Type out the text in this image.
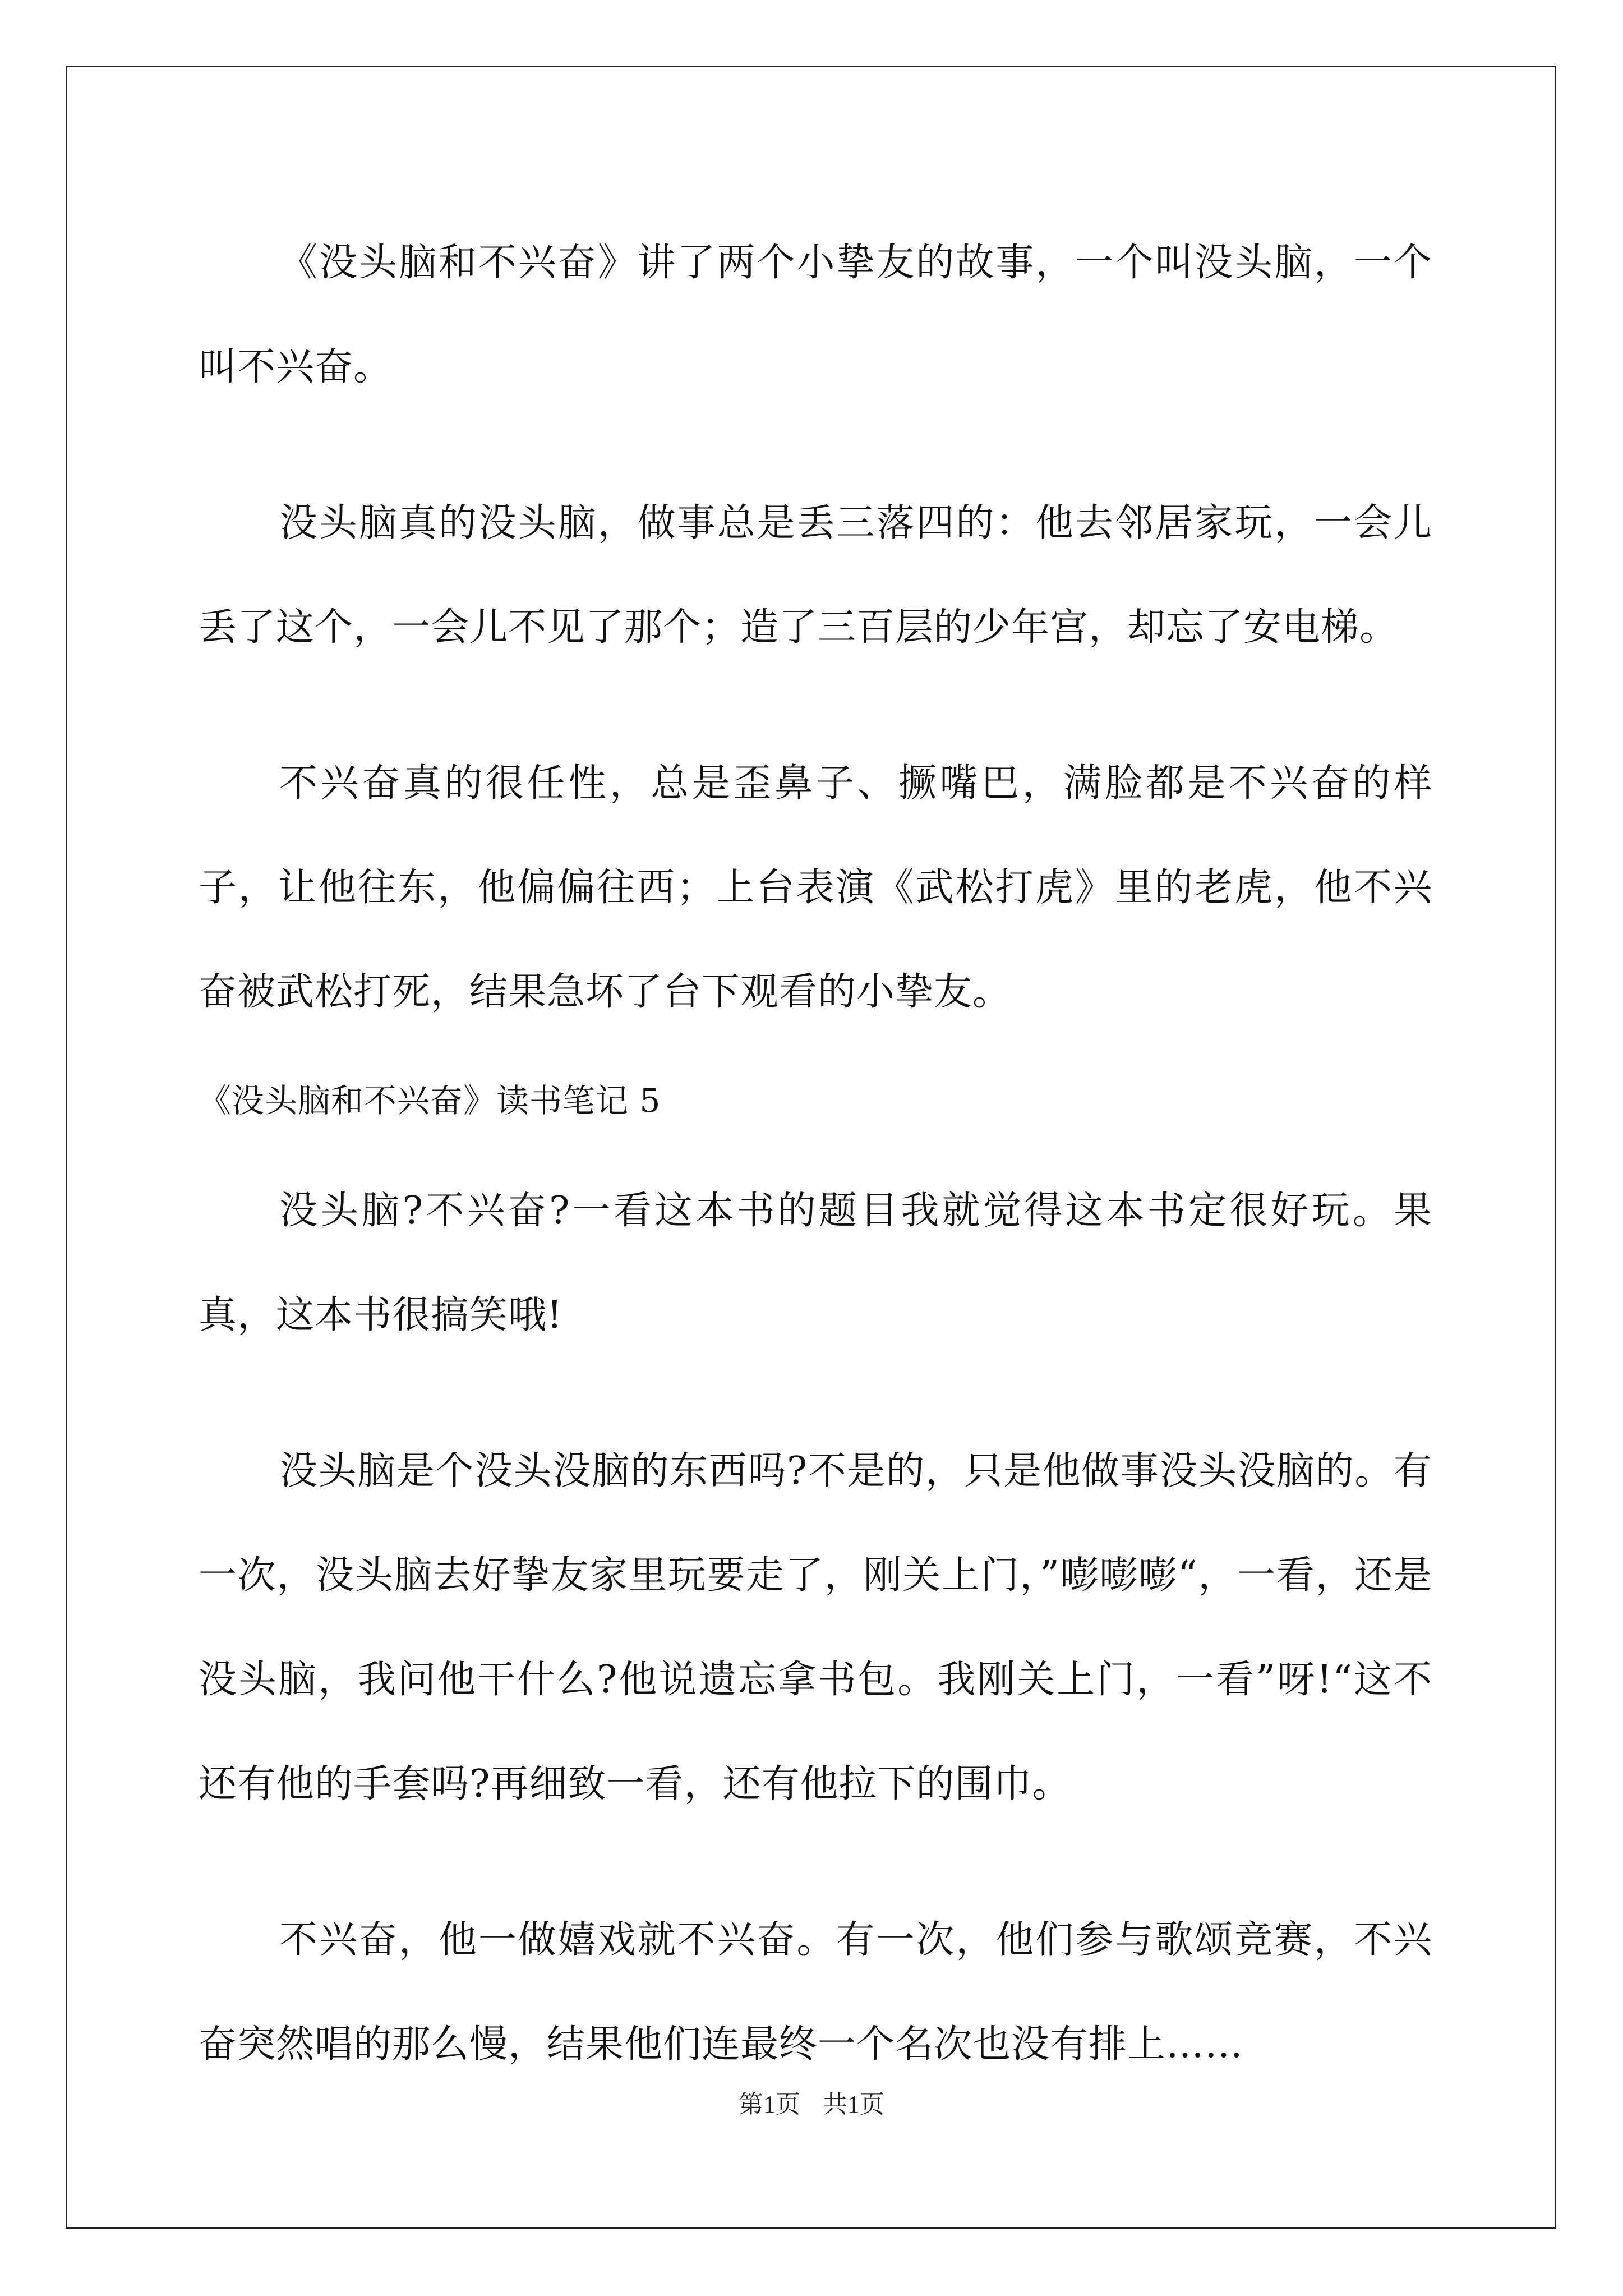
《没头脑和不兴奋》讲了两个小挚友的故事，一个叫没头脑，一个叫不兴奋。

没头脑真的没头脑，做事总是丢三落四的：他去邻居家玩，一会儿丢了这个，一会儿不见了那个；造了三百层的少年宫，却忘了安电梯。

不兴奋真的很任性，总是歪鼻子、撅嘴巴，满脸都是不兴奋的样子，让他往东，他偏偏往西；上台表演《武松打虎》里的老虎，他不兴奋被武松打死，结果急坏了台下观看的小挚友。

《没头脑和不兴奋》读书笔记 5

没头脑?不兴奋?一看这本书的题目我就觉得这本书定很好玩。果真，这本书很搞笑哦!

没头脑是个没头没脑的东西吗?不是的，只是他做事没头没脑的。有一次，没头脑去好挚友家里玩要走了，刚关上门，”嘭嘭嘭“，一看，还是没头脑，我问他干什么?他说遗忘拿书包。我刚关上门，一看”呀!“这不还有他的手套吗?再细致一看，还有他拉下的围巾。

不兴奋，他一做嬉戏就不兴奋。有一次，他们参与歌颂竞赛，不兴奋突然唱的那么慢，结果他们连最终一个名次也没有排上……

第1页 共1页
